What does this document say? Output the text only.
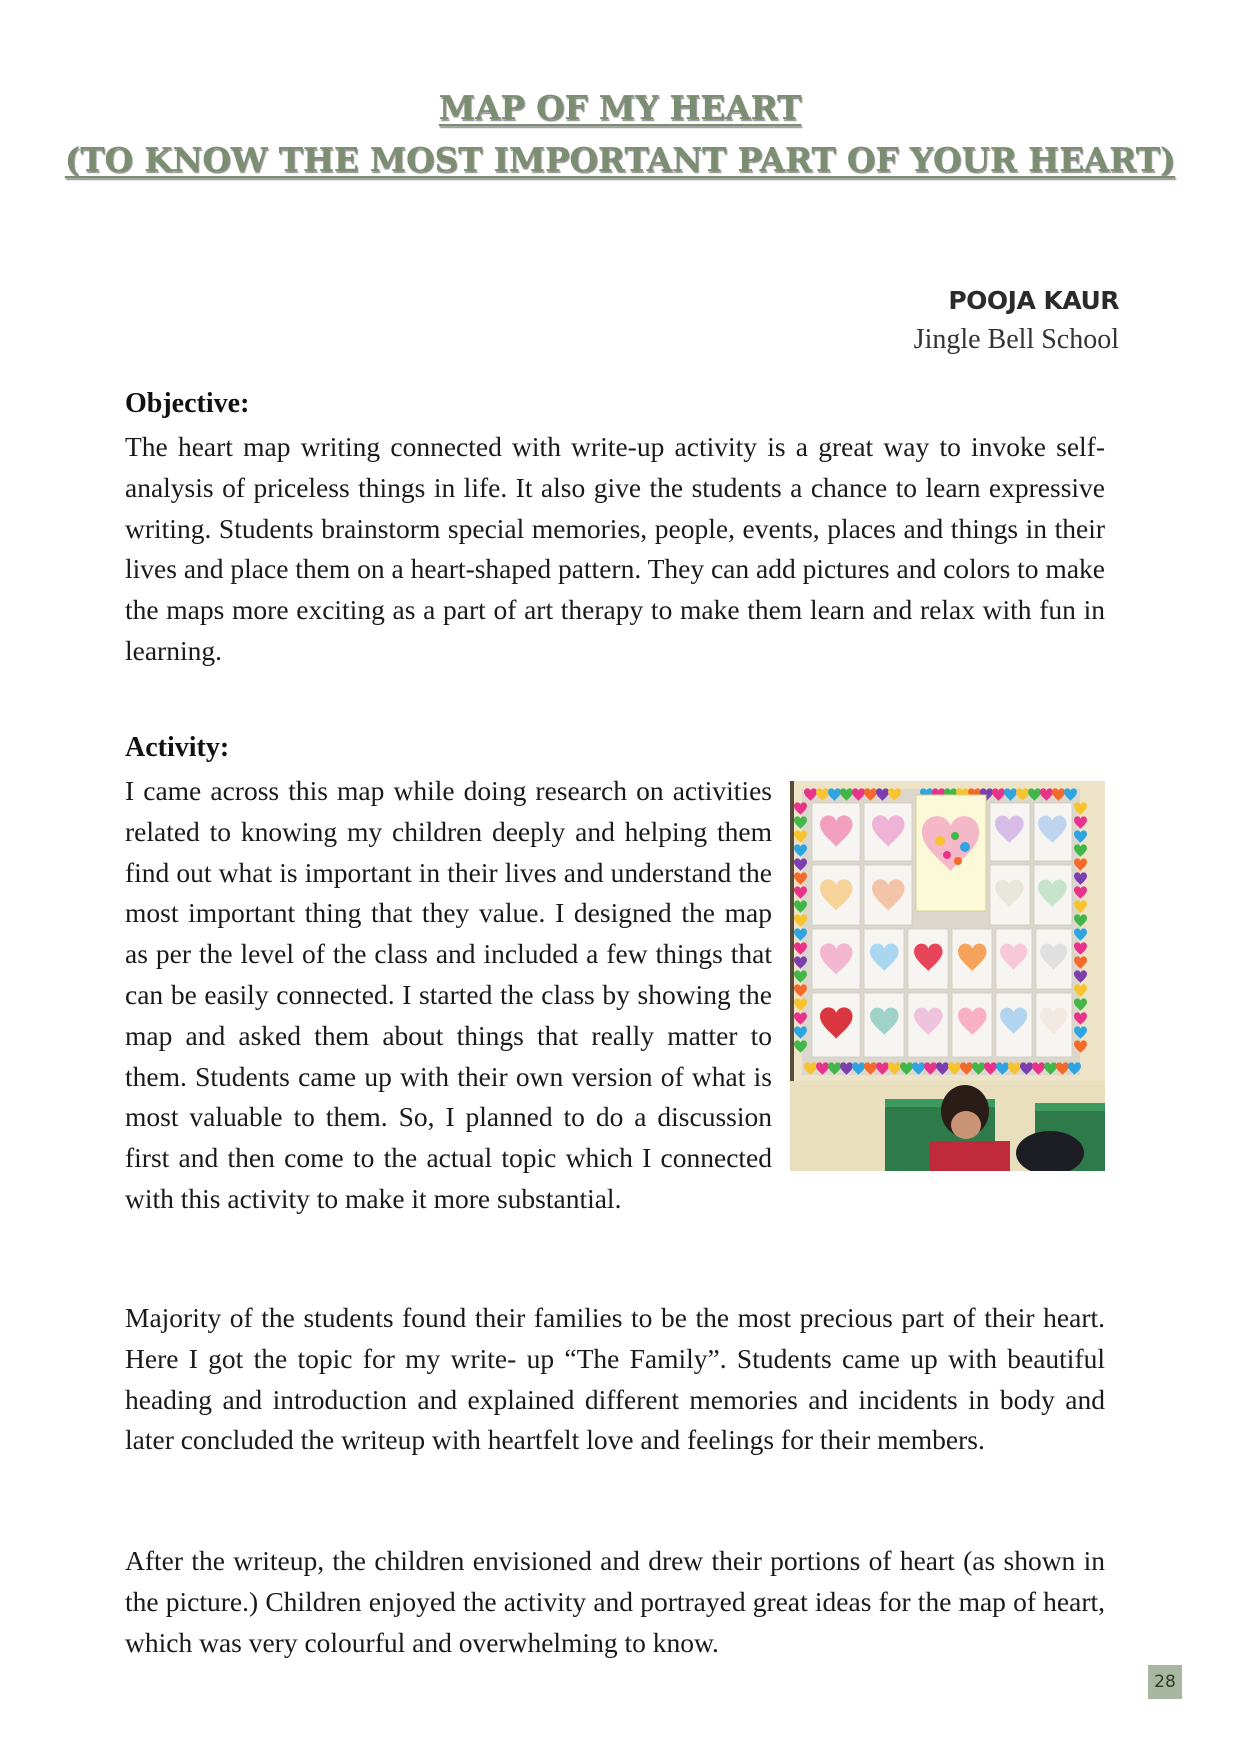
MAP OF MY HEART
(TO KNOW THE MOST IMPORTANT PART OF YOUR HEART)
POOJA KAUR
Jingle Bell School
Objective:

The heart map writing connected with write-up activity is a great way to invoke self-analysis of priceless things in life. It also give the students a chance to learn expressive writing. Students brainstorm special memories, people, events, places and things in their lives and place them on a heart-shaped pattern. They can add pictures and colors to make the maps more exciting as a part of art therapy to make them learn and relax with fun in learning.

Activity:
I came across this map while doing research on activities related to knowing my children deeply and helping them find out what is important in their lives and understand the most important thing that they value. I designed the map as per the level of the class and included a few things that can be easily connected. I started the class by showing the map and asked them about things that really matter to them. Students came up with their own version of what is most valuable to them. So, I planned to do a discussion first and then come to the actual topic which I connected with this activity to make it more substantial.

Majority of the students found their families to be the most precious part of their heart. Here I got the topic for my write- up “The Family”. Students came up with beautiful heading and introduction and explained different memories and incidents in body and later concluded the writeup with heartfelt love and feelings for their members.

After the writeup, the children envisioned and drew their portions of heart (as shown in the picture.) Children enjoyed the activity and portrayed great ideas for the map of heart, which was very colourful and overwhelming to know.

28
